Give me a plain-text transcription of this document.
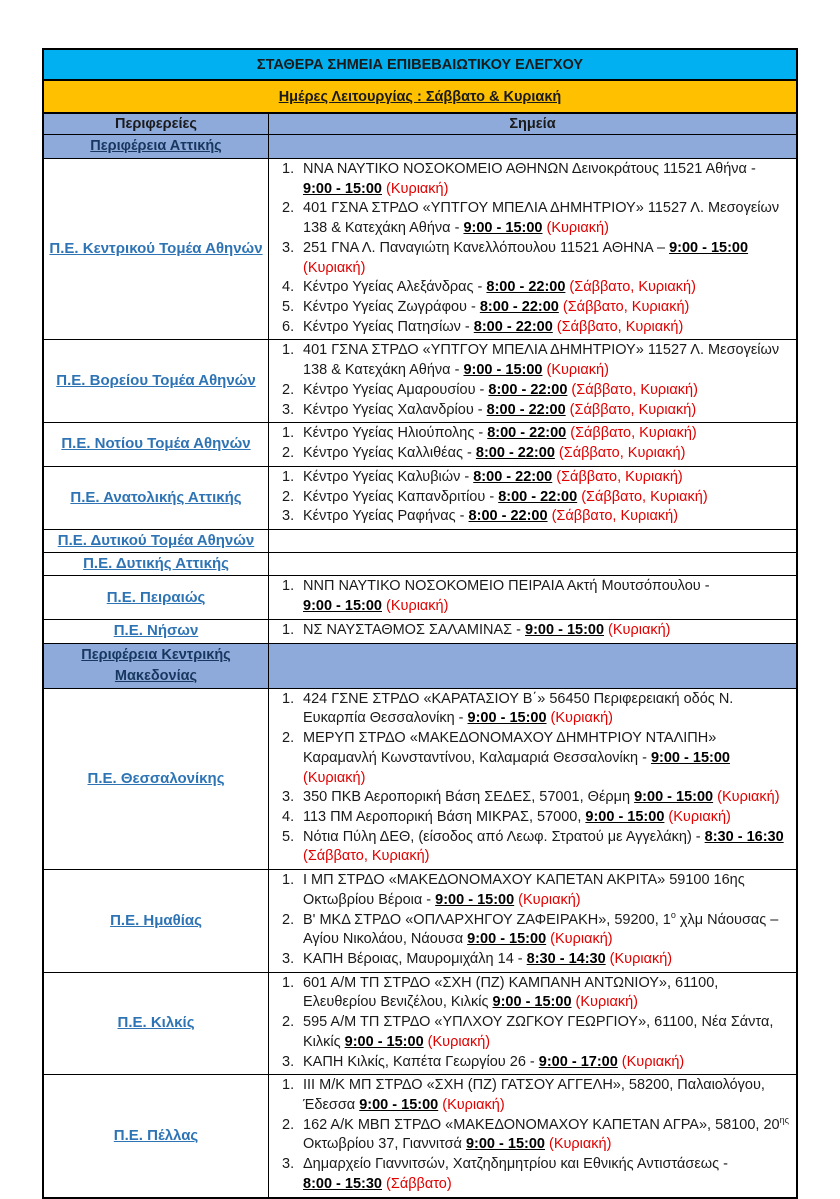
ΣΤΑΘΕΡΑ ΣΗΜΕΙΑ ΕΠΙΒΕΒΑΙΩΤΙΚΟΥ ΕΛΕΓΧΟΥ
Ημέρες Λειτουργίας : Σάββατο & Κυριακή
Περιφερείες	Σημεία
Περιφέρεια Αττικής
Π.Ε. Κεντρικού Τομέα Αθηνών
1. ΝΝΑ ΝΑΥΤΙΚΟ ΝΟΣΟΚΟΜΕΙΟ ΑΘΗΝΩΝ Δεινοκράτους 11521 Αθήνα - 9:00 - 15:00 (Κυριακή)
2. 401 ΓΣΝΑ ΣΤΡΔΟ «ΥΠΤΓΟΥ ΜΠΕΛΙΑ ΔΗΜΗΤΡΙΟΥ» 11527 Λ. Μεσογείων 138 & Κατεχάκη Αθήνα - 9:00 - 15:00 (Κυριακή)
3. 251 ΓΝΑ Λ. Παναγιώτη Κανελλόπουλου 11521 ΑΘΗΝΑ – 9:00 - 15:00 (Κυριακή)
4. Κέντρο Υγείας Αλεξάνδρας - 8:00 - 22:00 (Σάββατο, Κυριακή)
5. Κέντρο Υγείας Ζωγράφου - 8:00 - 22:00 (Σάββατο, Κυριακή)
6. Κέντρο Υγείας Πατησίων - 8:00 - 22:00 (Σάββατο, Κυριακή)
Π.Ε. Βορείου Τομέα Αθηνών
1. 401 ΓΣΝΑ ΣΤΡΔΟ «ΥΠΤΓΟΥ ΜΠΕΛΙΑ ΔΗΜΗΤΡΙΟΥ» 11527 Λ. Μεσογείων 138 & Κατεχάκη Αθήνα - 9:00 - 15:00 (Κυριακή)
2. Κέντρο Υγείας Αμαρουσίου - 8:00 - 22:00 (Σάββατο, Κυριακή)
3. Κέντρο Υγείας Χαλανδρίου - 8:00 - 22:00 (Σάββατο, Κυριακή)
Π.Ε. Νοτίου Τομέα Αθηνών
1. Κέντρο Υγείας Ηλιούπολης - 8:00 - 22:00 (Σάββατο, Κυριακή)
2. Κέντρο Υγείας Καλλιθέας - 8:00 - 22:00 (Σάββατο, Κυριακή)
Π.Ε. Ανατολικής Αττικής
1. Κέντρο Υγείας Καλυβιών - 8:00 - 22:00 (Σάββατο, Κυριακή)
2. Κέντρο Υγείας Καπανδριτίου - 8:00 - 22:00 (Σάββατο, Κυριακή)
3. Κέντρο Υγείας Ραφήνας - 8:00 - 22:00 (Σάββατο, Κυριακή)
Π.Ε. Δυτικού Τομέα Αθηνών
Π.Ε. Δυτικής Αττικής
Π.Ε. Πειραιώς
1. ΝΝΠ ΝΑΥΤΙΚΟ ΝΟΣΟΚΟΜΕΙΟ ΠΕΙΡΑΙΑ Ακτή Μουτσόπουλου - 9:00 - 15:00 (Κυριακή)
Π.Ε. Νήσων	1. ΝΣ ΝΑΥΣΤΑΘΜΟΣ ΣΑΛΑΜΙΝΑΣ - 9:00 - 15:00 (Κυριακή)
Περιφέρεια Κεντρικής Μακεδονίας
Π.Ε. Θεσσαλονίκης
1. 424 ΓΣΝΕ ΣΤΡΔΟ «ΚΑΡΑΤΑΣΙΟΥ Β΄» 56450 Περιφερειακή οδός Ν. Ευκαρπία Θεσσαλονίκη - 9:00 - 15:00 (Κυριακή)
2. ΜΕΡΥΠ ΣΤΡΔΟ «ΜΑΚΕΔΟΝΟΜΑΧΟΥ ΔΗΜΗΤΡΙΟΥ ΝΤΑΛΙΠΗ»
Καραμανλή Κωνσταντίνου, Καλαμαριά Θεσσαλονίκη - 9:00 - 15:00 (Κυριακή)
3. 350 ΠΚΒ Αεροπορική Βάση ΣΕΔΕΣ, 57001, Θέρμη 9:00 - 15:00 (Κυριακή)
4. 113 ΠΜ Αεροπορική Βάση ΜΙΚΡΑΣ, 57000, 9:00 - 15:00 (Κυριακή)
5. Νότια Πύλη ΔΕΘ, (είσοδος από Λεωφ. Στρατού με Αγγελάκη) - 8:30 - 16:30 (Σάββατο, Κυριακή)
Π.Ε. Ημαθίας
1. Ι ΜΠ ΣΤΡΔΟ «ΜΑΚΕΔΟΝΟΜΑΧΟΥ ΚΑΠΕΤΑΝ ΑΚΡΙΤΑ» 59100 16ης Οκτωβρίου Βέροια - 9:00 - 15:00 (Κυριακή)
2. Β' ΜΚΔ ΣΤΡΔΟ «ΟΠΛΑΡΧΗΓΟΥ ΖΑΦΕΙΡΑΚΗ», 59200, $1^o$ χλμ Νάουσας – Αγίου Νικολάου, Νάουσα 9:00 - 15:00 (Κυριακή)
3. ΚΑΠΗ Βέροιας, Μαυρομιχάλη 14 - 8:30 - 14:30 (Κυριακή)
Π.Ε. Κιλκίς
1. 601 Α/Μ ΤΠ ΣΤΡΔΟ «ΣΧΗ (ΠΖ) ΚΑΜΠΑΝΗ ΑΝΤΩΝΙΟΥ», 61100, Ελευθερίου Βενιζέλου, Κιλκίς 9:00 - 15:00 (Κυριακή)
2. 595 Α/Μ ΤΠ ΣΤΡΔΟ «ΥΠΛΧΟΥ ΖΩΓΚΟΥ ΓΕΩΡΓΙΟΥ», 61100, Νέα Σάντα, Κιλκίς 9:00 - 15:00 (Κυριακή)
3. ΚΑΠΗ Κιλκίς, Καπέτα Γεωργίου 26 - 9:00 - 17:00 (Κυριακή)
Π.Ε. Πέλλας
1. ΙΙΙ Μ/Κ ΜΠ ΣΤΡΔΟ «ΣΧΗ (ΠΖ) ΓΑΤΣΟΥ ΑΓΓΕΛΗ», 58200, Παλαιολόγου, Έδεσσα 9:00 - 15:00 (Κυριακή)
2. 162 Α/Κ ΜΒΠ ΣΤΡΔΟ «ΜΑΚΕΔΟΝΟΜΑΧΟΥ ΚΑΠΕΤΑΝ ΑΓΡΑ», 58100, $20^{\eta\varsigma}$ Οκτωβρίου 37, Γιαννιτσά 9:00 - 15:00 (Κυριακή)
3. Δημαρχείο Γιαννιτσών, Χατζηδημητρίου και Εθνικής Αντιστάσεως - 8:00 - 15:30 (Σάββατο)
